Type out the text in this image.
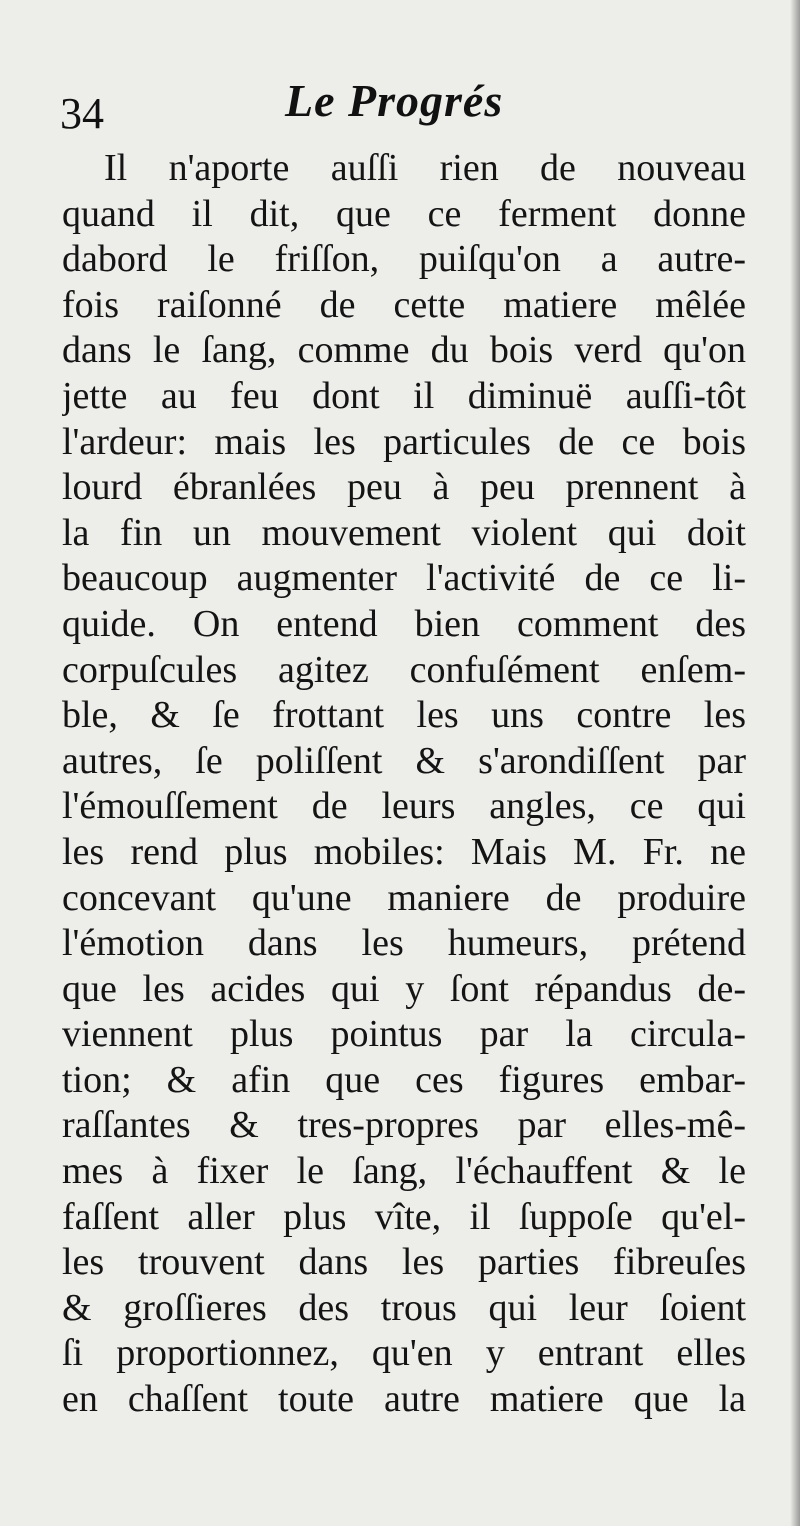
34	Le Progrés
Il n'aporte auſſi rien de nouveau
quand il dit, que ce ferment donne
dabord le friſſon, puiſqu'on a autre-
fois raiſonné de cette matiere mêlée
dans le ſang, comme du bois verd qu'on
jette au feu dont il diminuë auſſi-tôt
l'ardeur: mais les particules de ce bois
lourd ébranlées peu à peu prennent à
la fin un mouvement violent qui doit
beaucoup augmenter l'activité de ce li-
quide. On entend bien comment des
corpuſcules agitez confuſément enſem-
ble, & ſe frottant les uns contre les
autres, ſe poliſſent & s'arondiſſent par
l'émouſſement de leurs angles, ce qui
les rend plus mobiles: Mais M. Fr. ne
concevant qu'une maniere de produire
l'émotion dans les humeurs, prétend
que les acides qui y ſont répandus de-
viennent plus pointus par la circula-
tion; & afin que ces figures embar-
raſſantes & tres-propres par elles-mê-
mes à fixer le ſang, l'échauffent & le
faſſent aller plus vîte, il ſuppoſe qu'el-
les trouvent dans les parties fibreuſes
& groſſieres des trous qui leur ſoient
ſi proportionnez, qu'en y entrant elles
en chaſſent toute autre matiere que la
